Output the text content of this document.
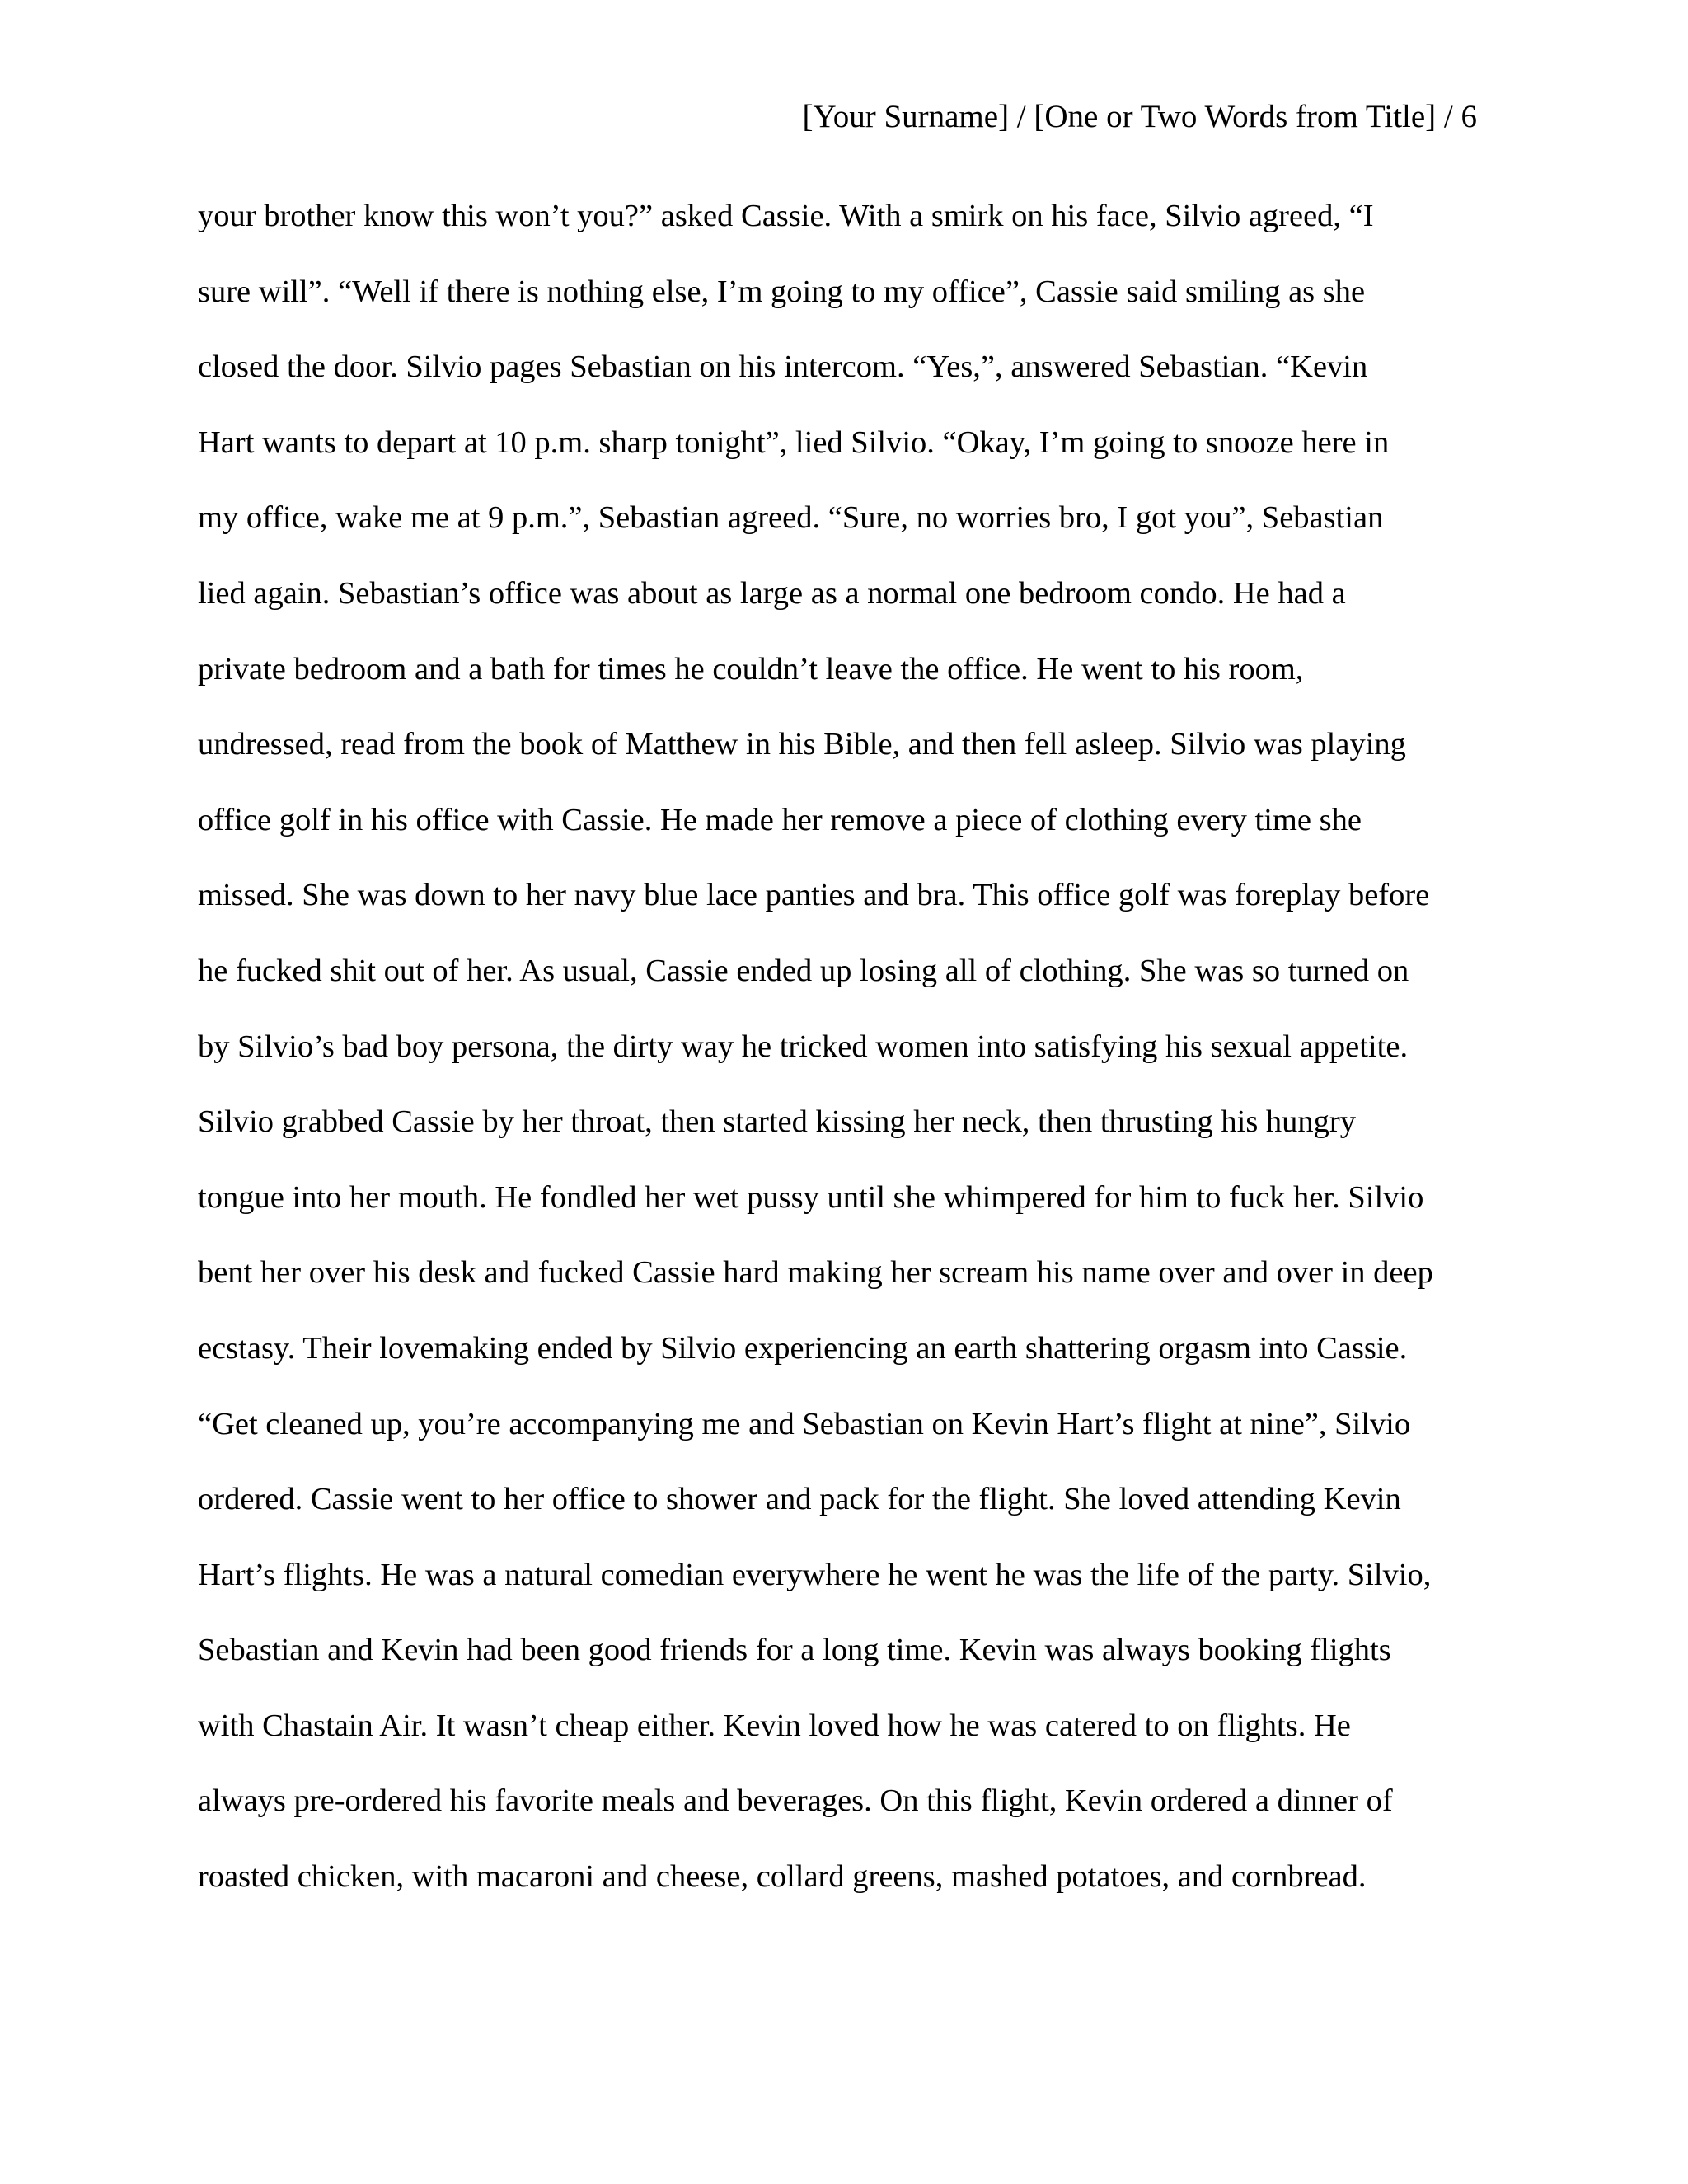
[Your Surname] / [One or Two Words from Title] / 6
your brother know this won’t you?” asked Cassie. With a smirk on his face, Silvio agreed, “I
sure will”. “Well if there is nothing else, I’m going to my office”, Cassie said smiling as she
closed the door. Silvio pages Sebastian on his intercom. “Yes,”, answered Sebastian. “Kevin
Hart wants to depart at 10 p.m. sharp tonight”, lied Silvio. “Okay, I’m going to snooze here in
my office, wake me at 9 p.m.”, Sebastian agreed. “Sure, no worries bro, I got you”, Sebastian
lied again. Sebastian’s office was about as large as a normal one bedroom condo. He had a
private bedroom and a bath for times he couldn’t leave the office. He went to his room,
undressed, read from the book of Matthew in his Bible, and then fell asleep. Silvio was playing
office golf in his office with Cassie. He made her remove a piece of clothing every time she
missed. She was down to her navy blue lace panties and bra. This office golf was foreplay before
he fucked shit out of her. As usual, Cassie ended up losing all of clothing. She was so turned on
by Silvio’s bad boy persona, the dirty way he tricked women into satisfying his sexual appetite.
Silvio grabbed Cassie by her throat, then started kissing her neck, then thrusting his hungry
tongue into her mouth. He fondled her wet pussy until she whimpered for him to fuck her. Silvio
bent her over his desk and fucked Cassie hard making her scream his name over and over in deep
ecstasy. Their lovemaking ended by Silvio experiencing an earth shattering orgasm into Cassie.
“Get cleaned up, you’re accompanying me and Sebastian on Kevin Hart’s flight at nine”, Silvio
ordered. Cassie went to her office to shower and pack for the flight. She loved attending Kevin
Hart’s flights. He was a natural comedian everywhere he went he was the life of the party. Silvio,
Sebastian and Kevin had been good friends for a long time. Kevin was always booking flights
with Chastain Air. It wasn’t cheap either. Kevin loved how he was catered to on flights. He
always pre-ordered his favorite meals and beverages. On this flight, Kevin ordered a dinner of
roasted chicken, with macaroni and cheese, collard greens, mashed potatoes, and cornbread.
